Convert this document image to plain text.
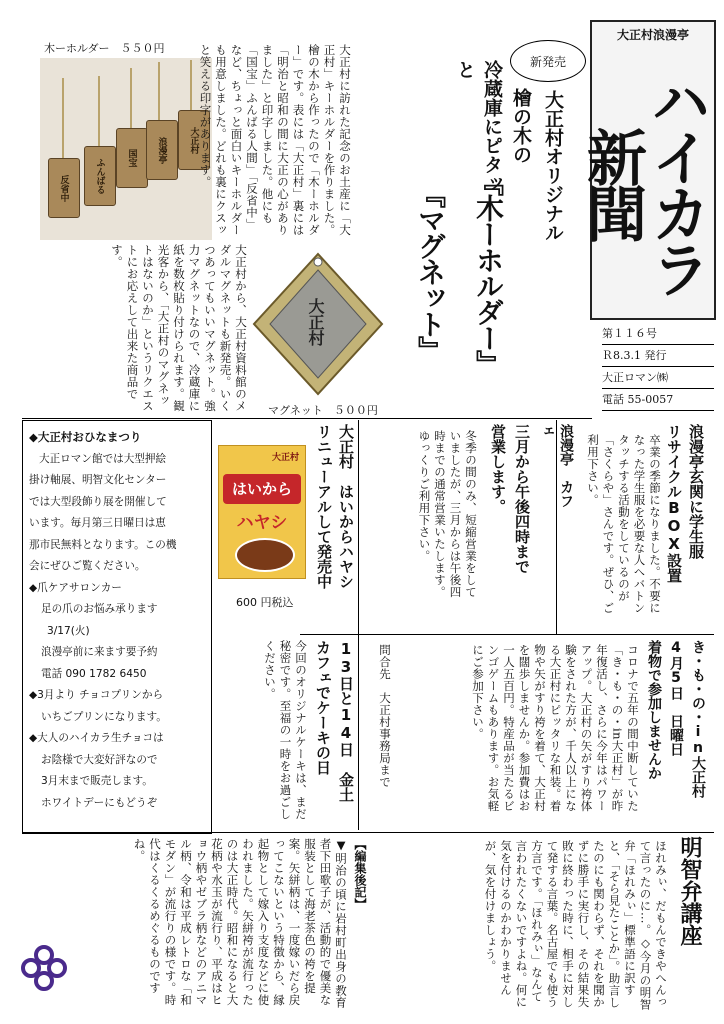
大正村浪漫亭
ハイカラ新聞
第１１６号
Ｒ8.3.1 発行
大正ロマン㈱
電話 55-0057
木ーホルダー　５５０円
反省中	ふんばる	国宝	浪漫亭	大正村	大正村に訪れた記念のお土産に「大正村」キーホルダーを作りました。檜の木から作ったので「木ーホルダー」です。表には「大正村」裏には「明治と昭和の間に大正の心がありました」と印字しました。他にも「国宝」ふんばる人間」「反省中」など、ちょっと面白いキーホルダーも用意しました。どれも裏にクスッと笑える印字があります。	新発売
大正村オリジナル
檜の木の
『木ーホルダー』
冷蔵庫にピタッと
『マグネット』
大正村から、大正村資料館のメダルマグネットも新発売。いくつあってもいいマグネット。強力マグネットなので、冷蔵庫に紙を数枚貼り付けられます。観光客から、「大正村のマグネットはないのか」というリクエストにお応えして出来た商品です。
大正村
マグネット　５００円
◆大正村おひなまつり
大正ロマン館では大型押絵
掛け軸展、明智文化センター
では大型段飾り展を開催して
います。毎月第三日曜日は恵
那市民無料となります。この機
会にぜひご覧ください。
◆爪ケアサロンカー
足の爪のお悩み承ります
3/17(火)
浪漫亭前に来ます要予約
電話 090 1782 6450
◆3月より チョコプリンから
いちごプリンになります。
◆大人のハイカラ生チョコは
お陰様で大変好評なので
3月末まで販売します。
ホワイトデーにもどうぞ
大正村
はいから
ハヤシ
600 円税込
大正村　はいからハヤシ
リニューアルして発売中	浪漫亭　カフェ
三月から午後四時まで
営業します。
冬季の間のみ、短縮営業をしていましたが、三月からは午後四時までの通常営業いたします。ゆっくりご利用下さい。	浪漫亭玄関に学生服
リサイクルBOX設置
卒業の季節になりました。不要になった学生服を必要な人へバトンタッチする活動をしているのが「さくらや」さんです。ぜひ、ご利用下さい。
き・も・の・in大正村
4月5日　日曜日
着物で参加しませんか
コロナで五年の間中断していた「き・も・の・in大正村」が昨年復活し、さらに今年はパワーアップ。大正村の矢がすり袴体験をされた方が、千人以上になる大正村にピッタリな和装。着物や矢がすり袴を着て、大正村を闊歩しませんか。参加費はお一人五百円。特産品が当たるビンゴゲームもあります。お気軽にご参加下さい。
問合先　大正村事務局まで
13日と14日　金土
カフェでケーキの日
今回のオリジナルケーキは、まだ秘密です。至福の一時をお過ごしください。
明智弁講座
ほれみぃ、だもんできやへんって言ったのに…。◇今月の明智弁「ほれみぃ」標準語に訳すと、「そら見たことか」。助言したのにも関わらず、それを聞かずに勝手に実行し、その結果失敗に終わった時に、相手に対して発する言葉。名古屋でも使う方言です。「ほれみぃ」なんて言われたくないですよね。何に気を付けるのかわかりませんが、気を付けましょう。
【編集後記】
▼明治の頃に岩村町出身の教育者下田歌子が、活動的で優美な服装として海老茶色の袴を提案。矢絣柄は、一度嫁いだら戻ってこないという特徴から、縁起物として嫁入り支度などに使われました。矢絣袴が流行ったのは大正時代。昭和になると大花柄や水玉が流行り、平成はヒョウ柄やゼブラ柄などのアニマル柄、令和は平成レトロな「和モダン」が流行りの様です。時代はくるくるめぐるものですね。
